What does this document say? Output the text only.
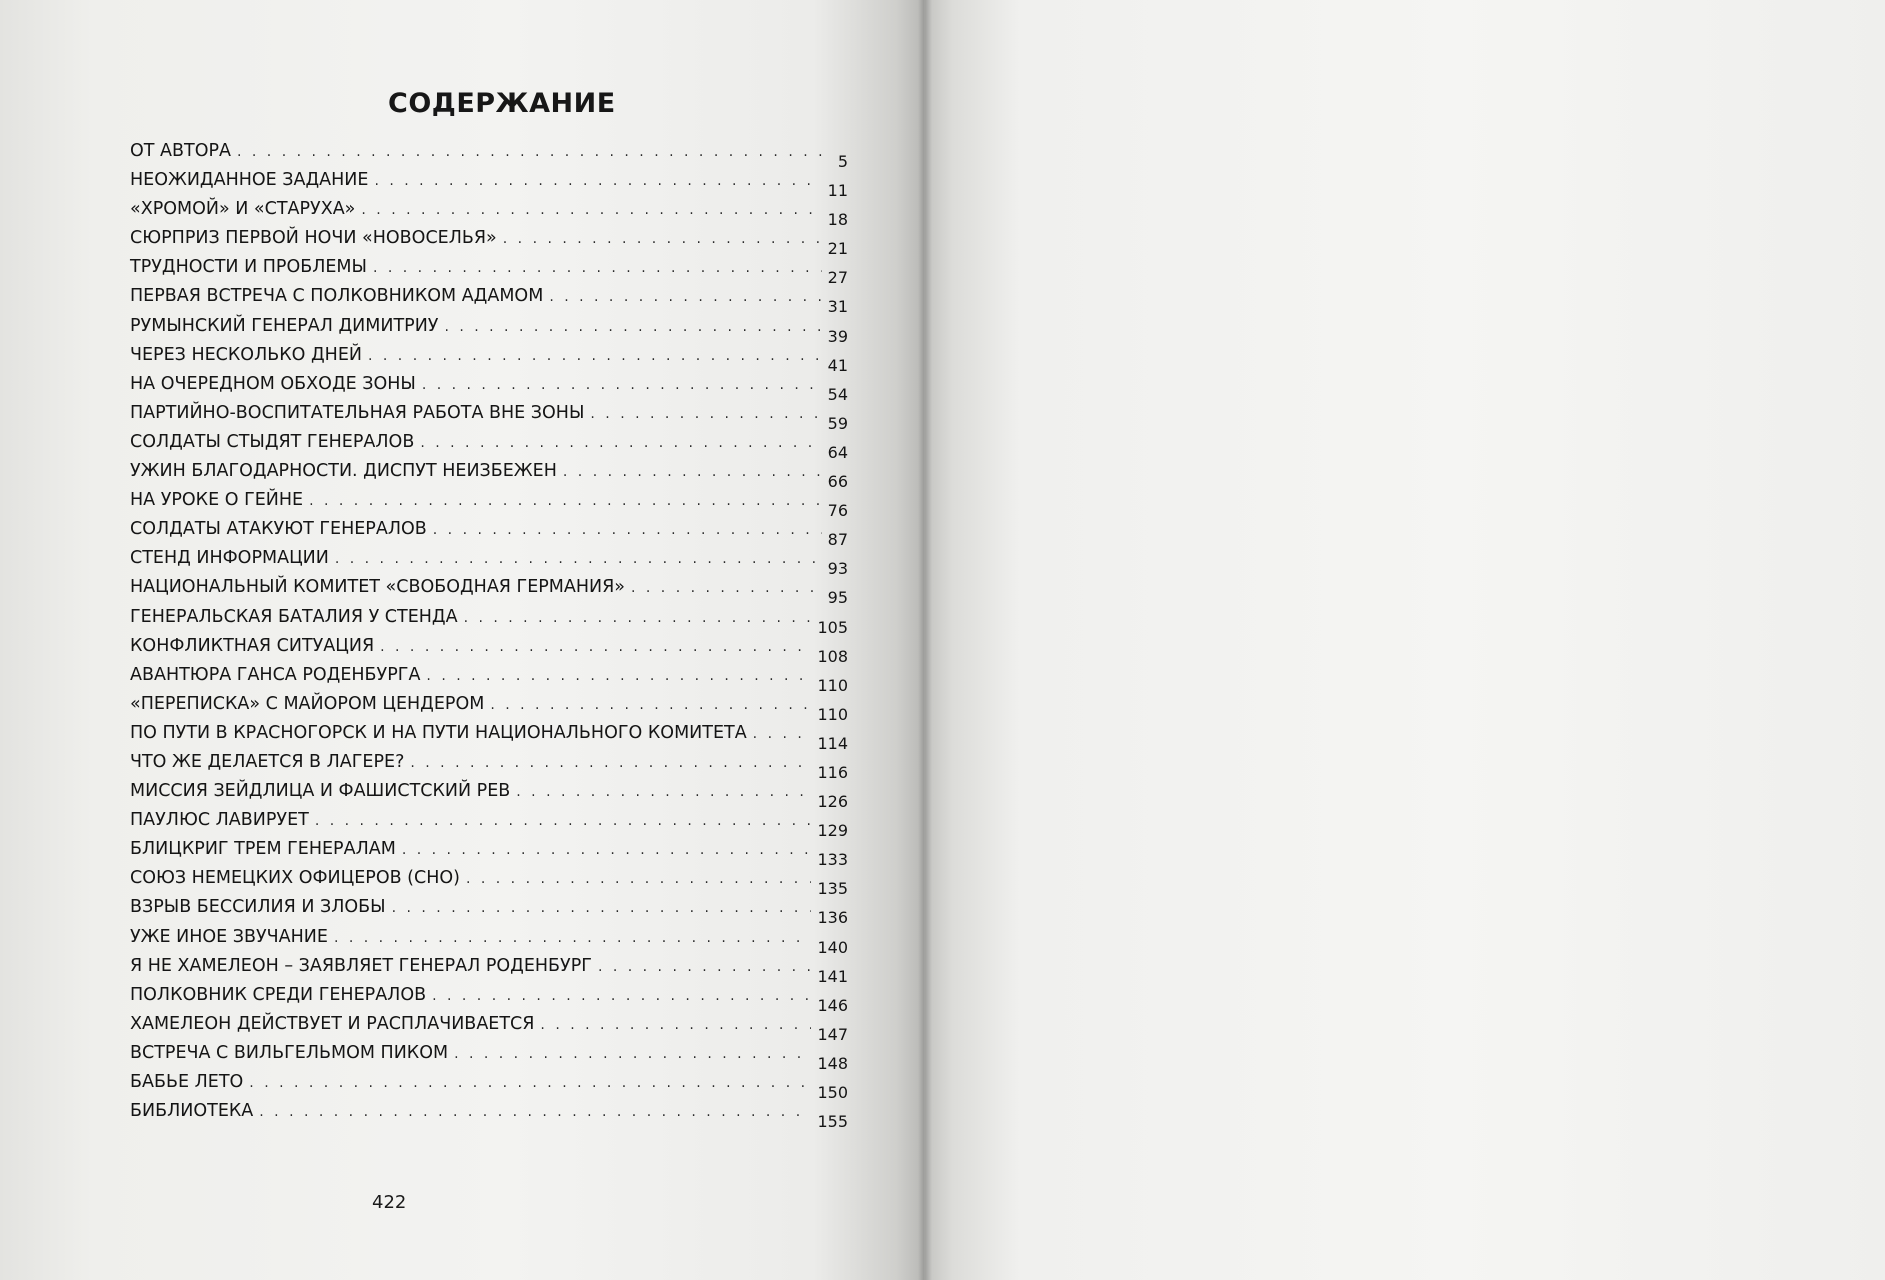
СОДЕРЖАНИЕ
ОТ АВТОРА
. . .
5
НЕОЖИДАННОЕ ЗАДАНИЕ
. . .
11
«ХРОМОЙ» И «СТАРУХА»
. . .
18
СЮРПРИЗ ПЕРВОЙ НОЧИ «НОВОСЕЛЬЯ»
. . .
21
ТРУДНОСТИ И ПРОБЛЕМЫ
. . .
27
ПЕРВАЯ ВСТРЕЧА С ПОЛКОВНИКОМ АДАМОМ
. . .
31
РУМЫНСКИЙ ГЕНЕРАЛ ДИМИТРИУ
. . .
39
ЧЕРЕЗ НЕСКОЛЬКО ДНЕЙ
. . .
41
НА ОЧЕРЕДНОМ ОБХОДЕ ЗОНЫ
. . .
54
ПАРТИЙНО-ВОСПИТАТЕЛЬНАЯ РАБОТА ВНЕ ЗОНЫ
. . .
59
СОЛДАТЫ СТЫДЯТ ГЕНЕРАЛОВ
. . .
64
УЖИН БЛАГОДАРНОСТИ. ДИСПУТ НЕИЗБЕЖЕН
. . .
66
НА УРОКЕ О ГЕЙНЕ
. . .
76
СОЛДАТЫ АТАКУЮТ ГЕНЕРАЛОВ
. . .
87
СТЕНД ИНФОРМАЦИИ
. . .
93
НАЦИОНАЛЬНЫЙ КОМИТЕТ «СВОБОДНАЯ ГЕРМАНИЯ»
. . .
95
ГЕНЕРАЛЬСКАЯ БАТАЛИЯ У СТЕНДА
. . .
105
КОНФЛИКТНАЯ СИТУАЦИЯ
. . .
108
АВАНТЮРА ГАНСА РОДЕНБУРГА
. . .
110
«ПЕРЕПИСКА» С МАЙОРОМ ЦЕНДЕРОМ
. . .
110
ПО ПУТИ В КРАСНОГОРСК И НА ПУТИ НАЦИОНАЛЬНОГО КОМИТЕТА
. . .
114
ЧТО ЖЕ ДЕЛАЕТСЯ В ЛАГЕРЕ?
. . .
116
МИССИЯ ЗЕЙДЛИЦА И ФАШИСТСКИЙ РЕВ
. . .
126
ПАУЛЮС ЛАВИРУЕТ
. . .
129
БЛИЦКРИГ ТРЕМ ГЕНЕРАЛАМ
. . .
133
СОЮЗ НЕМЕЦКИХ ОФИЦЕРОВ (СНО)
. . .
135
ВЗРЫВ БЕССИЛИЯ И ЗЛОБЫ
. . .
136
УЖЕ ИНОЕ ЗВУЧАНИЕ
. . .
140
Я НЕ ХАМЕЛЕОН – ЗАЯВЛЯЕТ ГЕНЕРАЛ РОДЕНБУРГ
. . .
141
ПОЛКОВНИК СРЕДИ ГЕНЕРАЛОВ
. . .
146
ХАМЕЛЕОН ДЕЙСТВУЕТ И РАСПЛАЧИВАЕТСЯ
. . .
147
ВСТРЕЧА С ВИЛЬГЕЛЬМОМ ПИКОМ
. . .
148
БАБЬЕ ЛЕТО
. . .
150
БИБЛИОТЕКА
. . .
155
422
